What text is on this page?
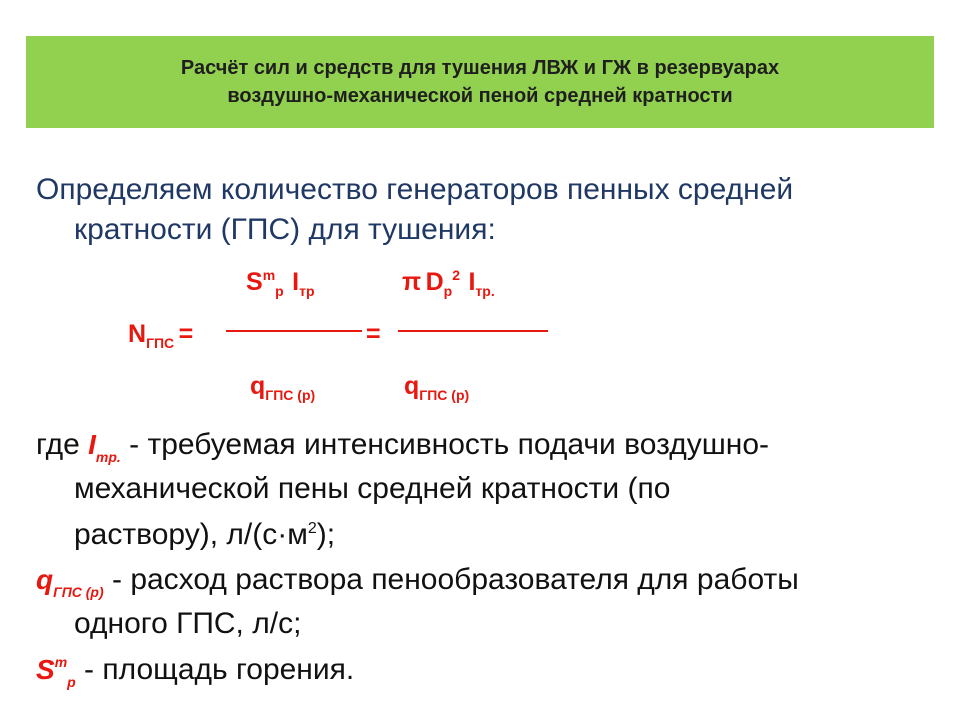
Расчёт сил и средств для тушения ЛВЖ и ГЖ в резервуарах
воздушно-механической пеной средней кратности
Определяем количество генераторов пенных средней
кратности (ГПС) для тушения:
NГПС =
Smр Iтр
qГПС (р)
=
π Dр2 Iтр.
qГПС (р)
где $I_{тр.}$ - требуемая интенсивность подачи воздушно-
механической пены средней кратности (по
раствору), $л/(с\cdot м^2)$;
$q_{ГПС (р)}$ - расход раствора пенообразователя для работы
одного ГПС, л/с;
$S^m_р$ - площадь горения.
